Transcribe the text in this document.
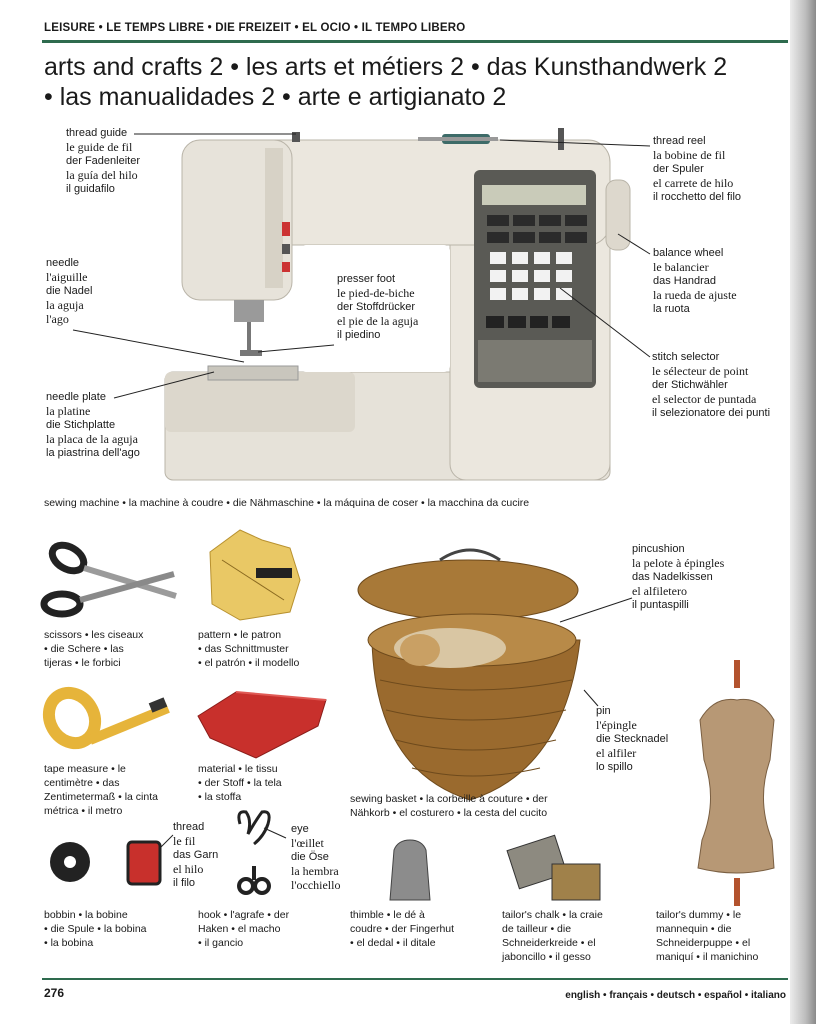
LEISURE • LE TEMPS LIBRE • DIE FREIZEIT • EL OCIO • IL TEMPO LIBERO
arts and crafts 2 • les arts et métiers 2 • das Kunsthandwerk 2
• las manualidades 2 • arte e artigianato 2
thread guide
le guide de fil
der Fadenleiter
la guía del hilo
il guidafilo
needle
l'aiguille
die Nadel
la aguja
l'ago
needle plate
la platine
die Stichplatte
la placa de la aguja
la piastrina dell'ago
presser foot
le pied-de-biche
der Stoffdrücker
el pie de la aguja
il piedino
thread reel
la bobine de fil
der Spuler
el carrete de hilo
il rocchetto del filo
balance wheel
le balancier
das Handrad
la rueda de ajuste
la ruota
stitch selector
le sélecteur de point
der Stichwähler
el selector de puntada
il selezionatore dei punti
sewing machine • la machine à coudre • die Nähmaschine • la máquina de coser • la macchina da cucire
pincushion
la pelote à épingles
das Nadelkissen
el alfiletero
il puntaspilli
pin
l'épingle
die Stecknadel
el alfiler
lo spillo
thread
le fil
das Garn
el hilo
il filo
eye
l'œillet
die Öse
la hembra
l'occhiello
scissors • les ciseaux
• die Schere • las
tijeras • le forbici
pattern • le patron
• das Schnittmuster
• el patrón • il modello
tape measure • le
centimètre • das
Zentimetermaß • la cinta
métrica • il metro
material • le tissu
• der Stoff • la tela
• la stoffa	sewing basket • la corbeille à couture • der
Nähkorb • el costurero • la cesta del cucito
bobbin • la bobine
• die Spule • la bobina
• la bobina
hook • l'agrafe • der
Haken • el macho
• il gancio
thimble • le dé à
coudre • der Fingerhut
• el dedal • il ditale
tailor's chalk • la craie
de tailleur • die
Schneiderkreide • el
jaboncillo • il gesso
tailor's dummy • le
mannequin • die
Schneiderpuppe • el
maniquí • il manichino
276	english • français • deutsch • español • italiano
